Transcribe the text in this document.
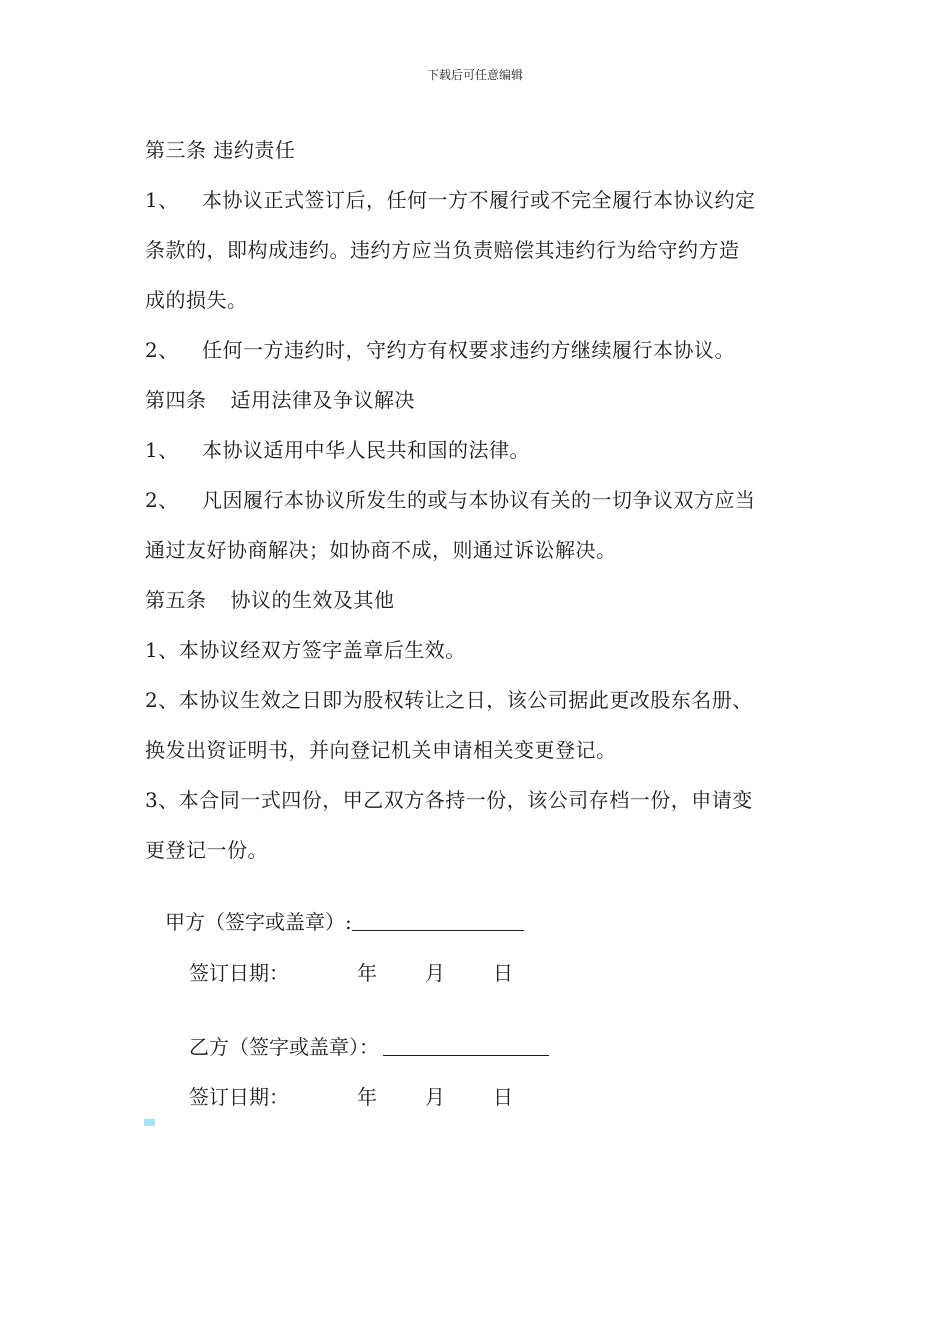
下载后可任意编辑
第三条 违约责任
1、 本协议正式签订后，任何一方不履行或不完全履行本协议约定
条款的，即构成违约。违约方应当负责赔偿其违约行为给守约方造
成的损失。
2、 任何一方违约时，守约方有权要求违约方继续履行本协议。
第四条 适用法律及争议解决
1、 本协议适用中华人民共和国的法律。
2、 凡因履行本协议所发生的或与本协议有关的一切争议双方应当
通过友好协商解决；如协商不成，则通过诉讼解决。
第五条 协议的生效及其他
1、本协议经双方签字盖章后生效。
2、本协议生效之日即为股权转让之日，该公司据此更改股东名册、
换发出资证明书，并向登记机关申请相关变更登记。
3、本合同一式四份，甲乙双方各持一份，该公司存档一份，申请变
更登记一份。
甲方（签字或盖章）:
签订日期：	年 月 日
乙方（签字或盖章）：
签订日期：	年 月 日
